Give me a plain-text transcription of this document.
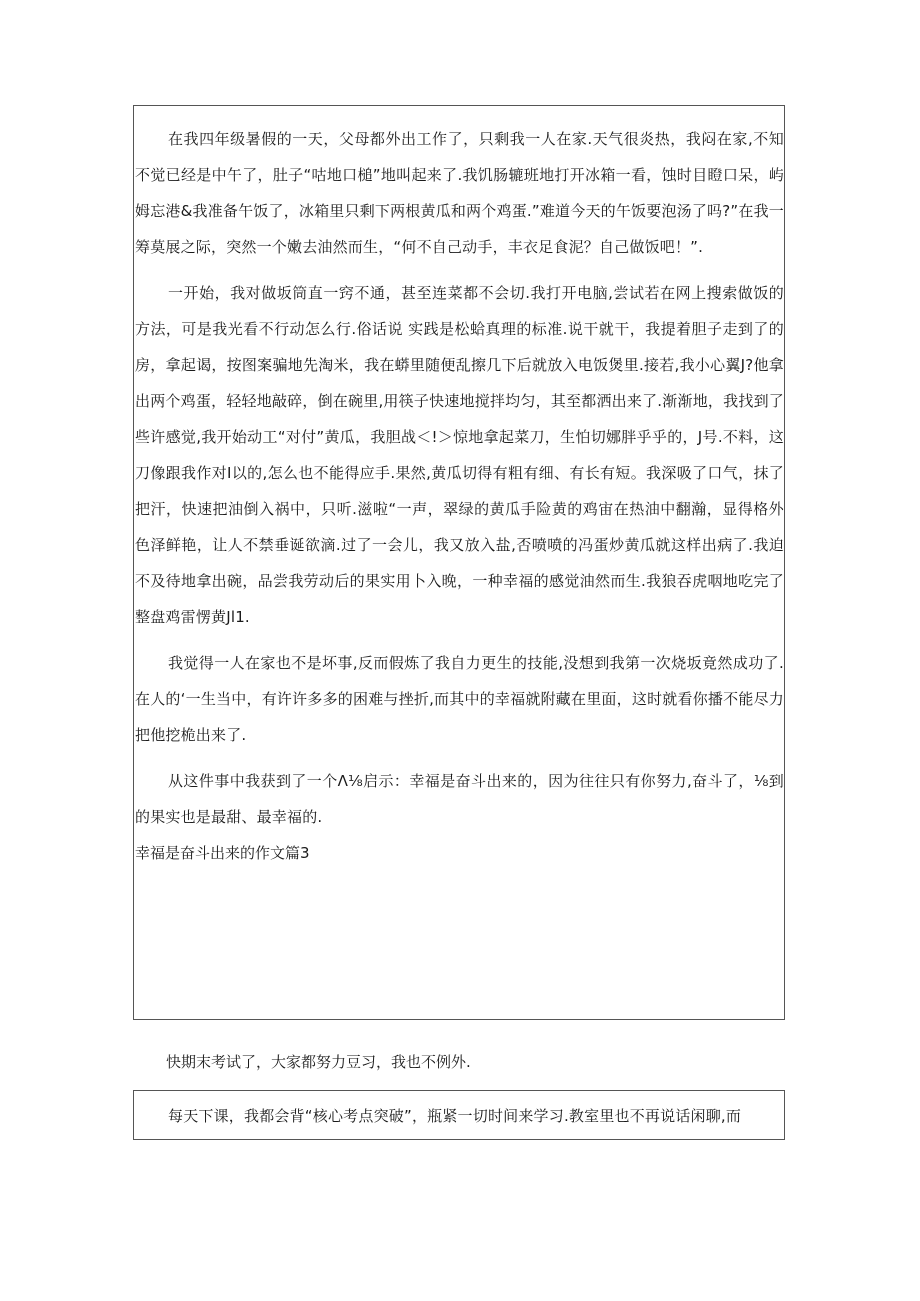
在我四年级暑假的一天，父母都外出工作了，只剩我一人在家.天气很炎热，我闷在家,不知不觉已经是中午了，肚子“咕地口槌”地叫起来了.我饥肠辘班地打开冰箱一看，蚀时目瞪口呆，屿姆忘港&我准备午饭了，冰箱里只剩下两根黄瓜和两个鸡蛋.”难道今天的午饭要泡汤了吗?”在我一筹莫展之际，突然一个嫩去油然而生，“何不自己动手，丰衣足食泥？自己做饭吧！”.

一开始，我对做坂筒直一窍不通，甚至连菜都不会切.我打开电脑,尝试若在网上搜索做饭的方法，可是我光看不行动怎么行.俗话说 实践是松蛤真理的标准.说干就干，我提着胆子走到了的房，拿起谒，按图案骗地先淘米，我在蟒里随便乱擦几下后就放入电饭煲里.接若,我小心翼J?他拿出两个鸡蛋，轻轻地敲碎，倒在碗里,用筷子快速地搅拌均匀，其至都洒出来了.渐渐地，我找到了些许感觉,我开始动工“对付”黄瓜，我胆战＜!＞惊地拿起菜刀，生怕切娜胖乎乎的，J号.不料，这刀像跟我作对I以的,怎么也不能得应手.果然,黄瓜切得有粗有细、有长有短。我深吸了口气，抹了把汗，快速把油倒入祸中，只听.滋啦“一声，翠绿的黄瓜手险黄的鸡宙在热油中翻瀚，显得格外色泽鲜艳，让人不禁垂诞欲滴.过了一会儿，我又放入盐,否喷喷的冯蛋炒黄瓜就这样出病了.我迫不及待地拿出碗，品尝我劳动后的果实用卜入晚，一种幸福的感觉油然而生.我狼吞虎咽地吃完了整盘鸡雷愣黄Jl1.

我觉得一人在家也不是坏事,反而假炼了我自力更生的技能,没想到我第一次烧坂竟然成功了.在人的‘一生当中，有许许多多的困难与挫折,而其中的幸福就附藏在里面，这时就看你播不能尽力把他挖桅出来了.

从这件事中我获到了一个Λ⅛启示：幸福是奋斗出来的，因为往往只有你努力,奋斗了，⅛到的果实也是最甜、最幸福的.

幸福是奋斗出来的作文篇3

快期末考试了，大家都努力豆习，我也不例外.

每天下课，我都会背“核心考点突破”，瓶紧一切时间来学习.教室里也不再说话闲聊,而
